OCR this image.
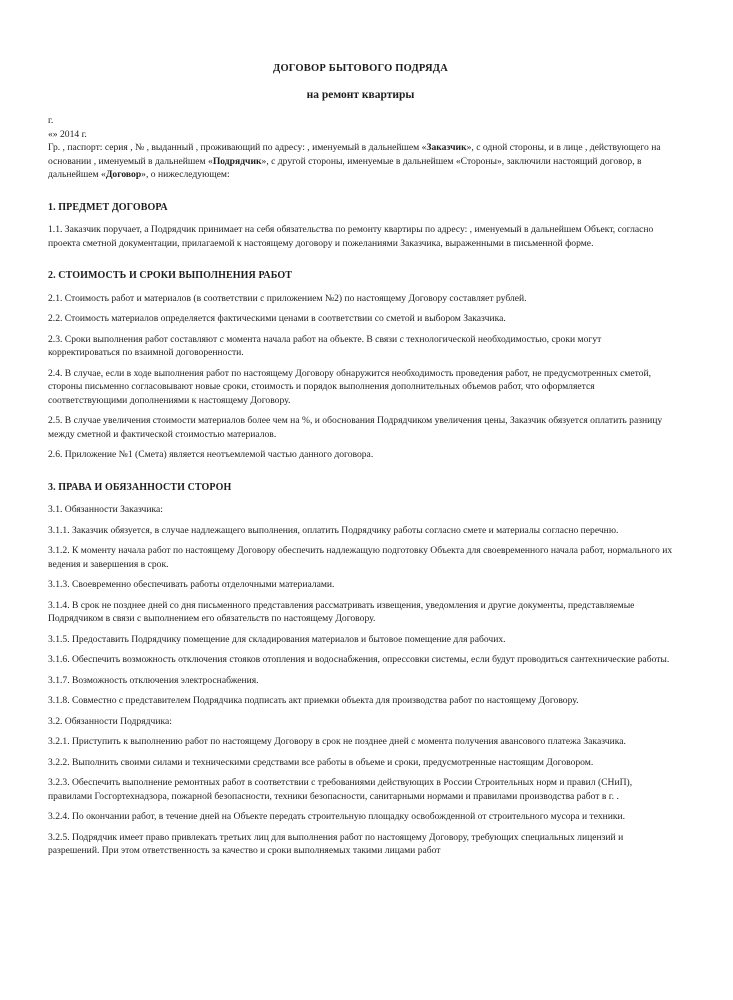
ДОГОВОР БЫТОВОГО ПОДРЯДА
на ремонт квартиры
г.
«» 2014 г.

Гр. , паспорт: серия , № , выданный , проживающий по адресу: , именуемый в дальнейшем «Заказчик», с одной стороны, и в лице , действующего на основании , именуемый в дальнейшем «Подрядчик», с другой стороны, именуемые в дальнейшем «Стороны», заключили настоящий договор, в дальнейшем «Договор», о нижеследующем:

1. ПРЕДМЕТ ДОГОВОРА

1.1. Заказчик поручает, а Подрядчик принимает на себя обязательства по ремонту квартиры по адресу: , именуемый в дальнейшем Объект, согласно проекта сметной документации, прилагаемой к настоящему договору и пожеланиями Заказчика, выраженными в письменной форме.

2. СТОИМОСТЬ И СРОКИ ВЫПОЛНЕНИЯ РАБОТ

2.1. Стоимость работ и материалов (в соответствии с приложением №2) по настоящему Договору составляет рублей.

2.2. Стоимость материалов определяется фактическими ценами в соответствии со сметой и выбором Заказчика.

2.3. Сроки выполнения работ составляют с момента начала работ на объекте. В связи с технологической необходимостью, сроки могут корректироваться по взаимной договоренности.

2.4. В случае, если в ходе выполнения работ по настоящему Договору обнаружится необходимость проведения работ, не предусмотренных сметой, стороны письменно согласовывают новые сроки, стоимость и порядок выполнения дополнительных объемов работ, что оформляется соответствующими дополнениями к настоящему Договору.

2.5. В случае увеличения стоимости материалов более чем на %, и обоснования Подрядчиком увеличения цены, Заказчик обязуется оплатить разницу между сметной и фактической стоимостью материалов.

2.6. Приложение №1 (Смета) является неотъемлемой частью данного договора.

3. ПРАВА И ОБЯЗАННОСТИ СТОРОН

3.1. Обязанности Заказчика:

3.1.1. Заказчик обязуется, в случае надлежащего выполнения, оплатить Подрядчику работы согласно смете и материалы согласно перечню.

3.1.2. К моменту начала работ по настоящему Договору обеспечить надлежащую подготовку Объекта для своевременного начала работ, нормального их ведения и завершения в срок.

3.1.3. Своевременно обеспечивать работы отделочными материалами.

3.1.4. В срок не позднее дней со дня письменного представления рассматривать извещения, уведомления и другие документы, представляемые Подрядчиком в связи с выполнением его обязательств по настоящему Договору.

3.1.5. Предоставить Подрядчику помещение для складирования материалов и бытовое помещение для рабочих.

3.1.6. Обеспечить возможность отключения стояков отопления и водоснабжения, опрессовки системы, если будут проводиться сантехнические работы.

3.1.7. Возможность отключения электроснабжения.

3.1.8. Совместно с представителем Подрядчика подписать акт приемки объекта для производства работ по настоящему Договору.

3.2. Обязанности Подрядчика:

3.2.1. Приступить к выполнению работ по настоящему Договору в срок не позднее дней с момента получения авансового платежа Заказчика.

3.2.2. Выполнить своими силами и техническими средствами все работы в объеме и сроки, предусмотренные настоящим Договором.

3.2.3. Обеспечить выполнение ремонтных работ в соответствии с требованиями действующих в России Строительных норм и правил (СНиП), правилами Госгортехнадзора, пожарной безопасности, техники безопасности, санитарными нормами и правилами производства работ в г. .

3.2.4. По окончании работ, в течение дней на Объекте передать строительную площадку освобожденной от строительного мусора и техники.

3.2.5. Подрядчик имеет право привлекать третьих лиц для выполнения работ по настоящему Договору, требующих специальных лицензий и разрешений. При этом ответственность за качество и сроки выполняемых такими лицами работ
